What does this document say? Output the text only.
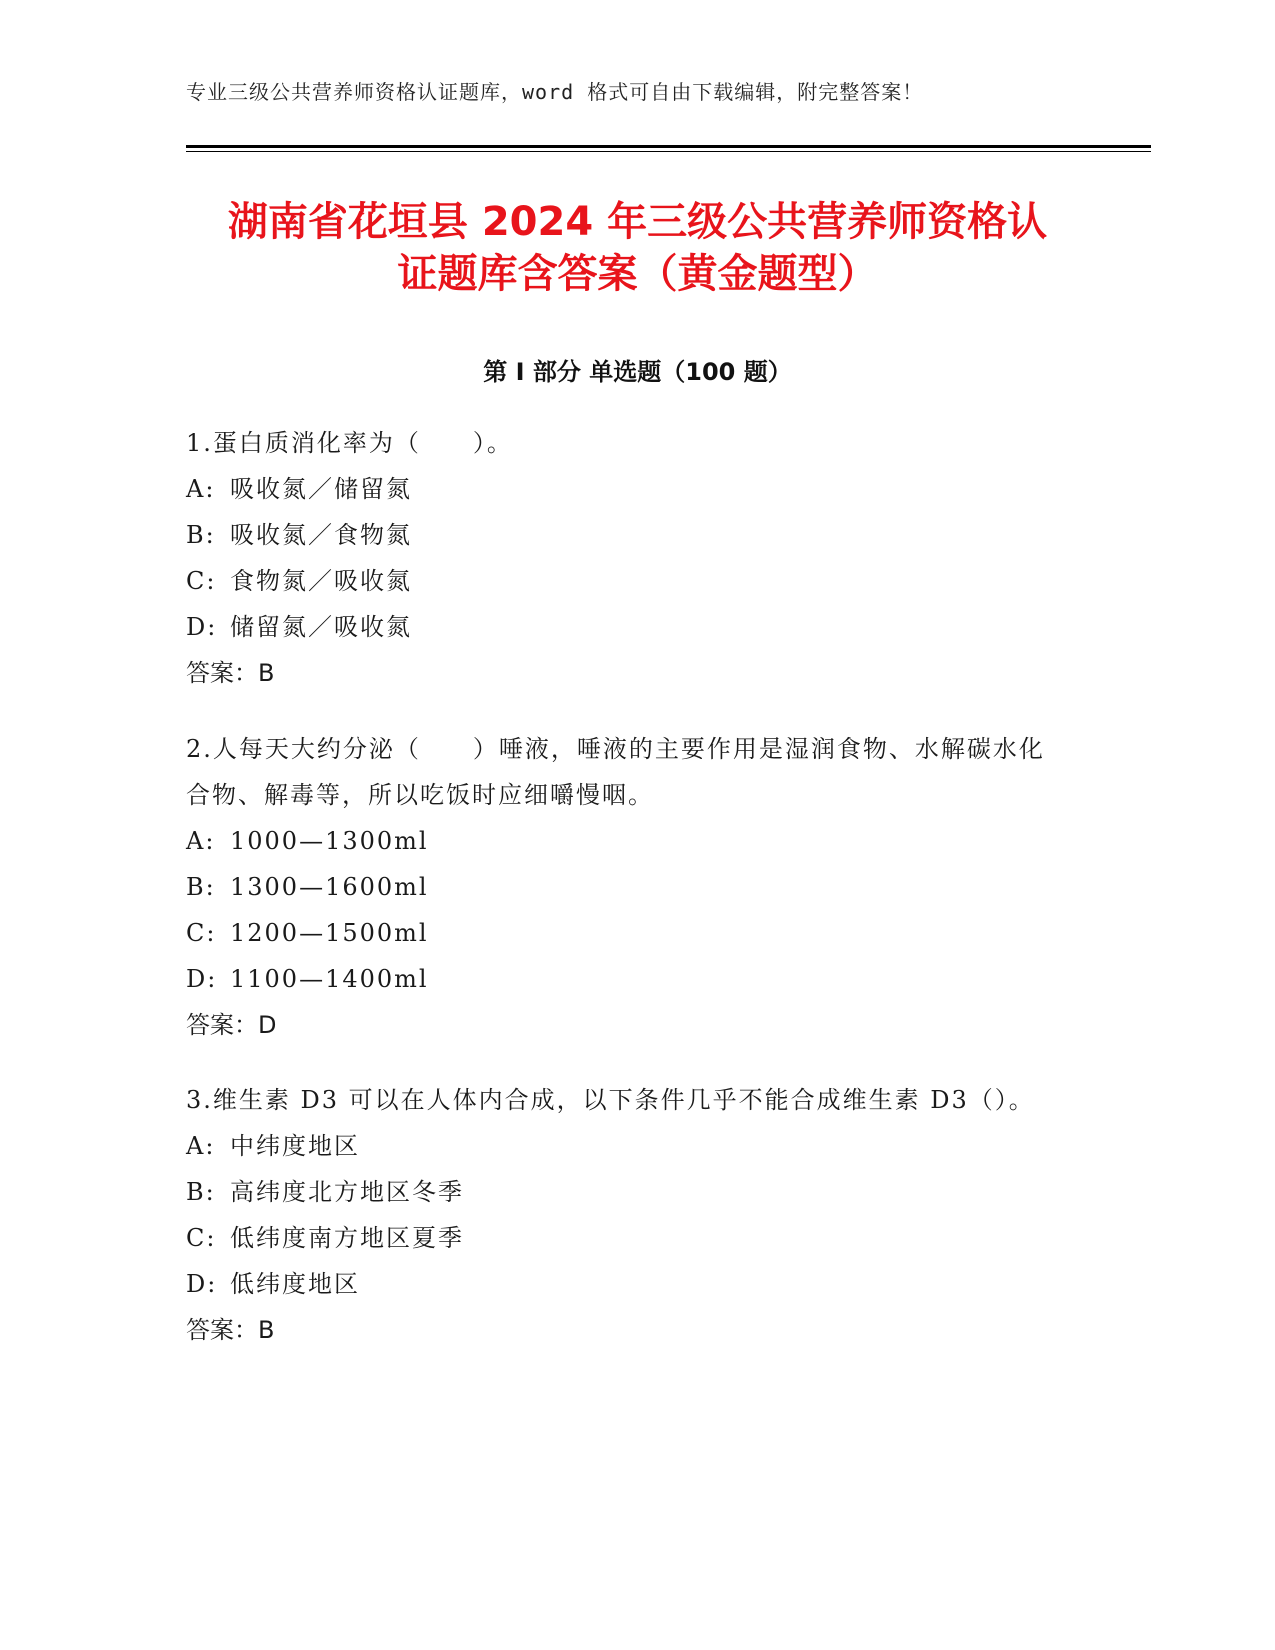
专业三级公共营养师资格认证题库，word 格式可自由下载编辑，附完整答案！
湖南省花垣县 2024 年三级公共营养师资格认
证题库含答案（黄金题型）
第 I 部分 单选题（100 题）

1.蛋白质消化率为（　　）。

A: 吸收氮／储留氮

B: 吸收氮／食物氮

C: 食物氮／吸收氮

D: 储留氮／吸收氮

答案：B

2.人每天大约分泌（　　）唾液，唾液的主要作用是湿润食物、水解碳水化合物、解毒等，所以吃饭时应细嚼慢咽。

A: 1000—1300ml

B: 1300—1600ml

C: 1200—1500ml

D: 1100—1400ml

答案：D

3.维生素 D3 可以在人体内合成，以下条件几乎不能合成维生素 D3（）。

A: 中纬度地区

B: 高纬度北方地区冬季

C: 低纬度南方地区夏季

D: 低纬度地区

答案：B
